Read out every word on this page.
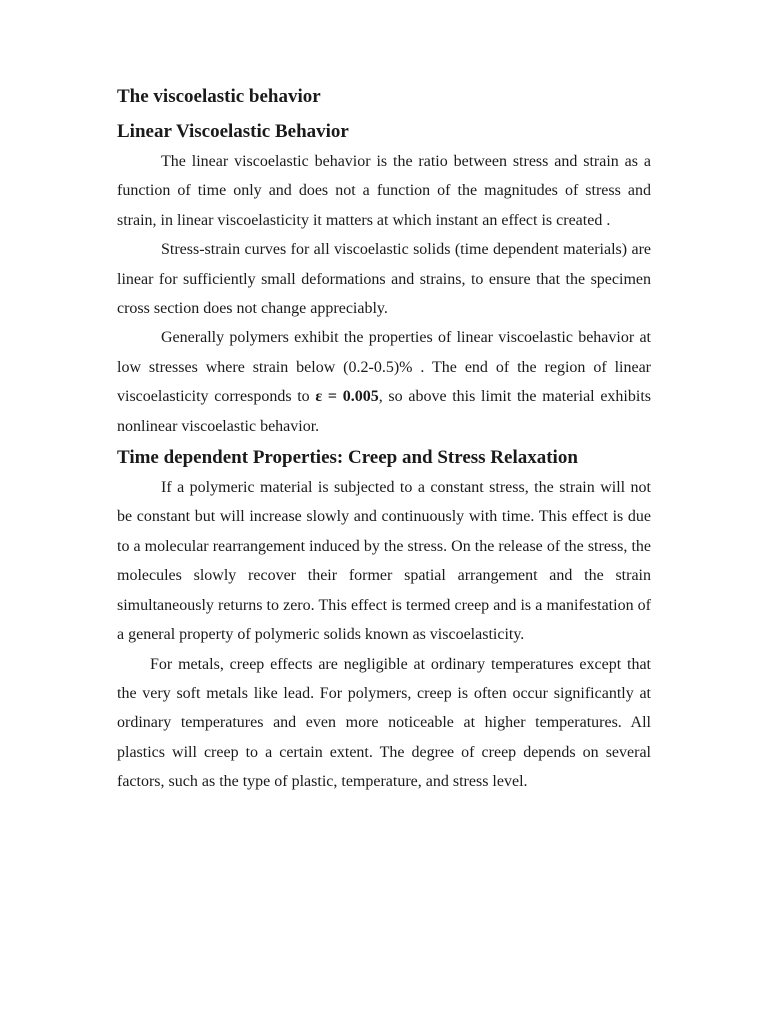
The viscoelastic behavior
Linear Viscoelastic Behavior

The linear viscoelastic behavior is the ratio between stress and strain as a function of time only and does not a function of the magnitudes of stress and strain, in linear viscoelasticity it matters at which instant an effect is created .

Stress-strain curves for all viscoelastic solids (time dependent materials) are linear for sufficiently small deformations and strains, to ensure that the specimen cross section does not change appreciably.

Generally polymers exhibit the properties of linear viscoelastic behavior at low stresses where strain below (0.2-0.5)% . The end of the region of linear viscoelasticity corresponds to ε = 0.005, so above this limit the material exhibits nonlinear viscoelastic behavior.

Time dependent Properties: Creep and Stress Relaxation

If a polymeric material is subjected to a constant stress, the strain will not be constant but will increase slowly and continuously with time. This effect is due to a molecular rearrangement induced by the stress. On the release of the stress, the molecules slowly recover their former spatial arrangement and the strain simultaneously returns to zero. This effect is termed creep and is a manifestation of a general property of polymeric solids known as viscoelasticity.

For metals, creep effects are negligible at ordinary temperatures except that the very soft metals like lead. For polymers, creep is often occur significantly at ordinary temperatures and even more noticeable at higher temperatures. All plastics will creep to a certain extent. The degree of creep depends on several factors, such as the type of plastic, temperature, and stress level.
